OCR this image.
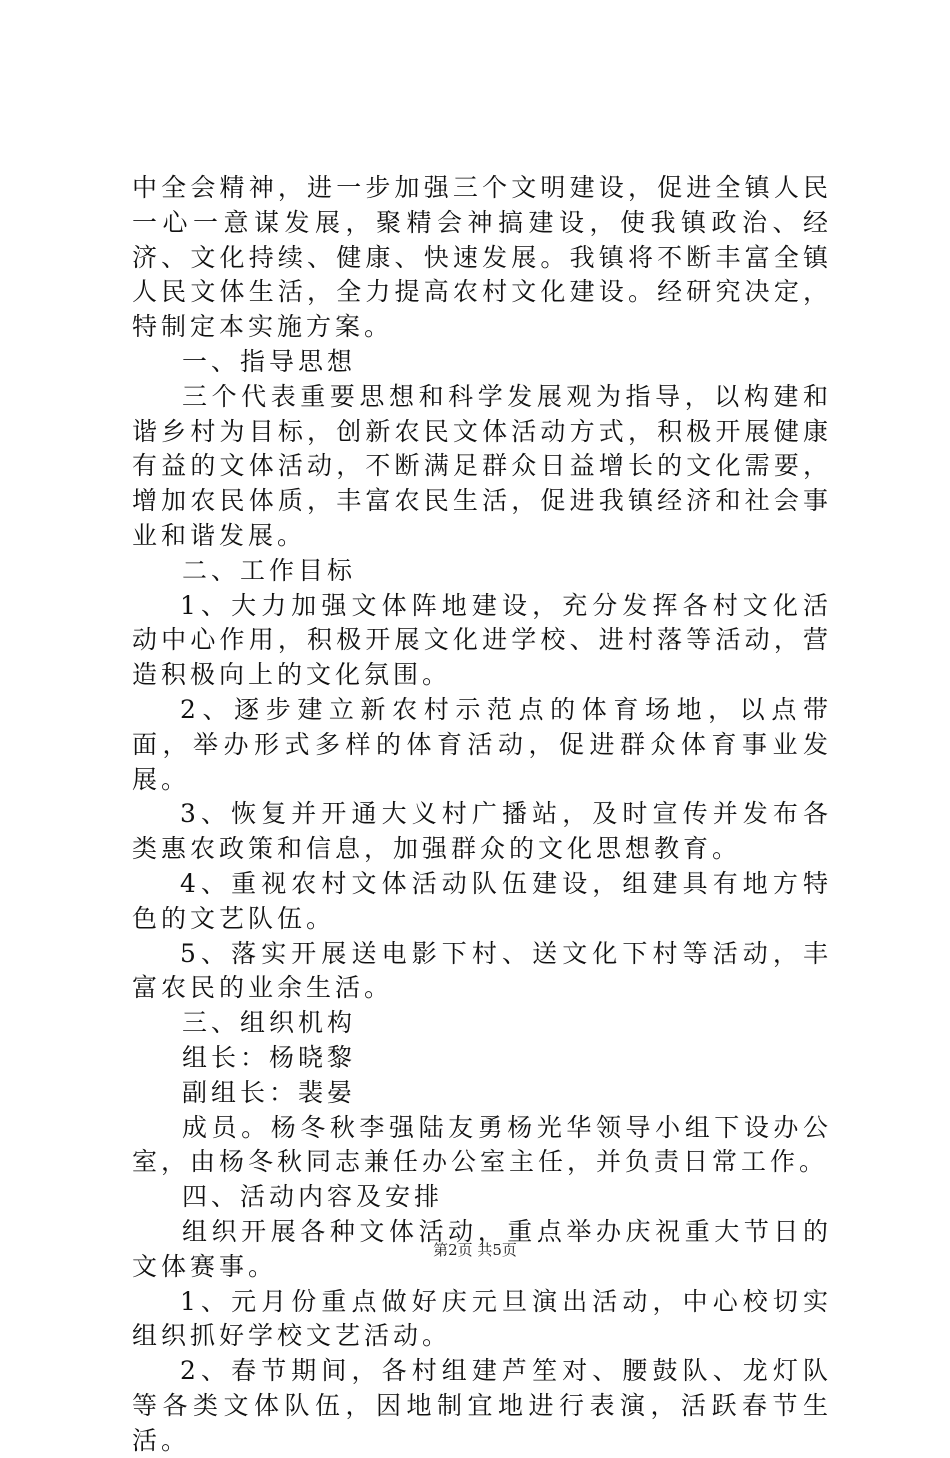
中全会精神，进一步加强三个文明建设，促进全镇人民一心一意谋发展，聚精会神搞建设，使我镇政治、经济、文化持续、健康、快速发展。我镇将不断丰富全镇人民文体生活，全力提高农村文化建设。经研究决定，特制定本实施方案。

一、指导思想

三个代表重要思想和科学发展观为指导，以构建和谐乡村为目标，创新农民文体活动方式，积极开展健康有益的文体活动，不断满足群众日益增长的文化需要，增加农民体质，丰富农民生活，促进我镇经济和社会事业和谐发展。

二、工作目标

1、大力加强文体阵地建设，充分发挥各村文化活动中心作用，积极开展文化进学校、进村落等活动，营造积极向上的文化氛围。

2、逐步建立新农村示范点的体育场地，以点带面，举办形式多样的体育活动，促进群众体育事业发展。

3、恢复并开通大义村广播站，及时宣传并发布各类惠农政策和信息，加强群众的文化思想教育。

4、重视农村文体活动队伍建设，组建具有地方特色的文艺队伍。

5、落实开展送电影下村、送文化下村等活动，丰富农民的业余生活。

三、组织机构

组长：杨晓黎

副组长：裴晏

成员。杨冬秋李强陆友勇杨光华领导小组下设办公室，由杨冬秋同志兼任办公室主任，并负责日常工作。

四、活动内容及安排

组织开展各种文体活动，重点举办庆祝重大节日的文体赛事。

1、元月份重点做好庆元旦演出活动，中心校切实组织抓好学校文艺活动。

2、春节期间，各村组建芦笙对、腰鼓队、龙灯队等各类文体队伍，因地制宜地进行表演，活跃春节生活。

第2页 共5页
